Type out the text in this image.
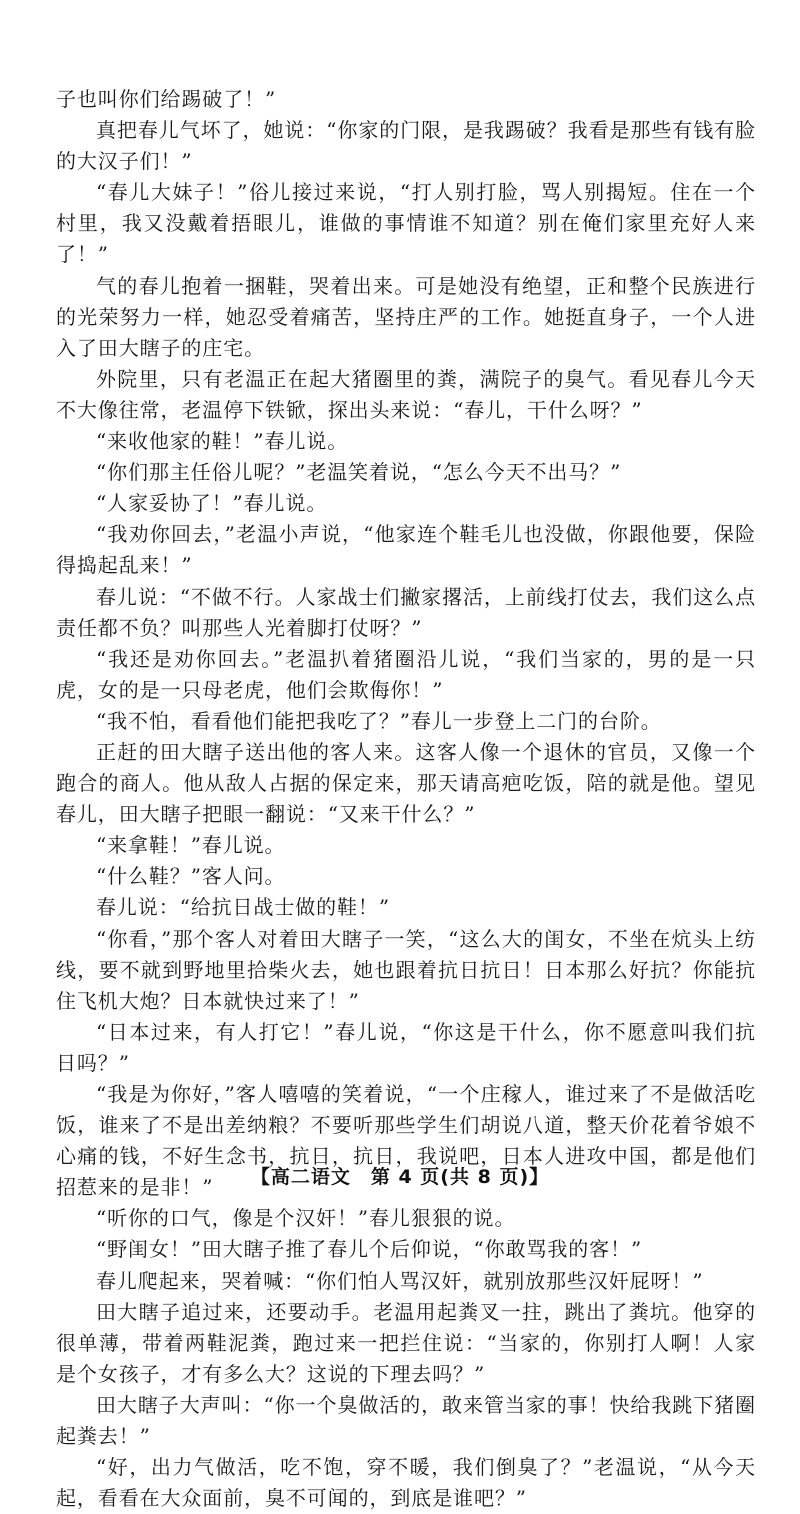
子也叫你们给踢破了！”

真把春儿气坏了，她说：“你家的门限，是我踢破？我看是那些有钱有脸的大汉子们！”

“春儿大妹子！”俗儿接过来说，“打人别打脸，骂人别揭短。住在一个村里，我又没戴着捂眼儿，谁做的事情谁不知道？别在俺们家里充好人来了！”

气的春儿抱着一捆鞋，哭着出来。可是她没有绝望，正和整个民族进行的光荣努力一样，她忍受着痛苦，坚持庄严的工作。她挺直身子，一个人进入了田大瞎子的庄宅。

外院里，只有老温正在起大猪圈里的粪，满院子的臭气。看见春儿今天不大像往常，老温停下铁锨，探出头来说：“春儿，干什么呀？”

“来收他家的鞋！”春儿说。

“你们那主任俗儿呢？”老温笑着说，“怎么今天不出马？”

“人家妥协了！”春儿说。

“我劝你回去，”老温小声说，“他家连个鞋毛儿也没做，你跟他要，保险得捣起乱来！”

春儿说：“不做不行。人家战士们撇家撂活，上前线打仗去，我们这么点责任都不负？叫那些人光着脚打仗呀？”

“我还是劝你回去。”老温扒着猪圈沿儿说，“我们当家的，男的是一只虎，女的是一只母老虎，他们会欺侮你！”

“我不怕，看看他们能把我吃了？”春儿一步登上二门的台阶。

正赶的田大瞎子送出他的客人来。这客人像一个退休的官员，又像一个跑合的商人。他从敌人占据的保定来，那天请高疤吃饭，陪的就是他。望见春儿，田大瞎子把眼一翻说：“又来干什么？”

“来拿鞋！”春儿说。

“什么鞋？”客人问。

春儿说：“给抗日战士做的鞋！”

“你看，”那个客人对着田大瞎子一笑，“这么大的闺女，不坐在炕头上纺线，要不就到野地里拾柴火去，她也跟着抗日抗日！日本那么好抗？你能抗住飞机大炮？日本就快过来了！”

“日本过来，有人打它！”春儿说，“你这是干什么，你不愿意叫我们抗日吗？”

“我是为你好，”客人嘻嘻的笑着说，“一个庄稼人，谁过来了不是做活吃饭，谁来了不是出差纳粮？不要听那些学生们胡说八道，整天价花着爷娘不心痛的钱，不好生念书，抗日，抗日，我说吧，日本人进攻中国，都是他们招惹来的是非！”

“听你的口气，像是个汉奸！”春儿狠狠的说。

“野闺女！”田大瞎子推了春儿个后仰说，“你敢骂我的客！”

春儿爬起来，哭着喊：“你们怕人骂汉奸，就别放那些汉奸屁呀！”

田大瞎子追过来，还要动手。老温用起粪叉一拄，跳出了粪坑。他穿的很单薄，带着两鞋泥粪，跑过来一把拦住说：“当家的，你别打人啊！人家是个女孩子，才有多么大？这说的下理去吗？”

田大瞎子大声叫：“你一个臭做活的，敢来管当家的事！快给我跳下猪圈起粪去！”

“好，出力气做活，吃不饱，穿不暖，我们倒臭了？”老温说，“从今天起，看看在大众面前，臭不可闻的，到底是谁吧？”

【高二语文　第 4 页(共 8 页)】
